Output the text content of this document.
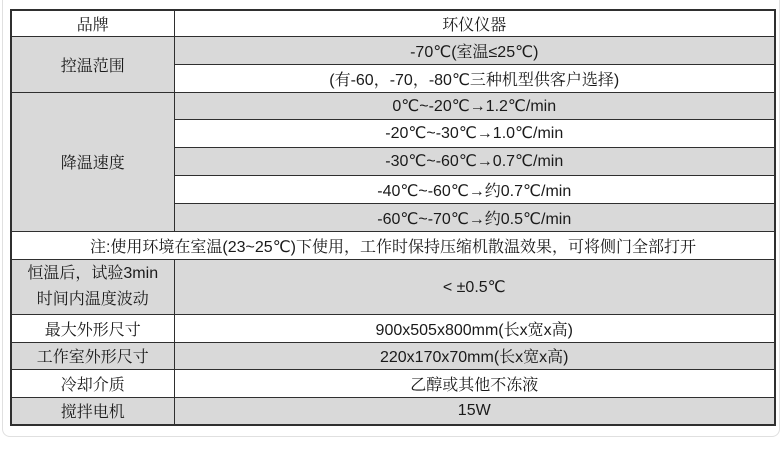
品牌	环仪仪器
控温范围	-70℃(室温≤25℃)
	(有-60，-70，-80℃三种机型供客户选择)
降温速度	0℃~-20℃→1.2℃/min
	-20℃~-30℃→1.0℃/min
	-30℃~-60℃→0.7℃/min
	-40℃~-60℃→约0.7℃/min
	-60℃~-70℃→约0.5℃/min
注:使用环境在室温(23~25℃)下使用，工作时保持压缩机散温效果，可将侧门全部打开	

恒温后，试验3min
时间内温度波动	< ±0.5℃
最大外形尺寸	900x505x800mm(长x宽x高)
工作室外形尺寸	220x170x70mm(长x宽x高)
冷却介质	乙醇或其他不冻液
搅拌电机	15W
